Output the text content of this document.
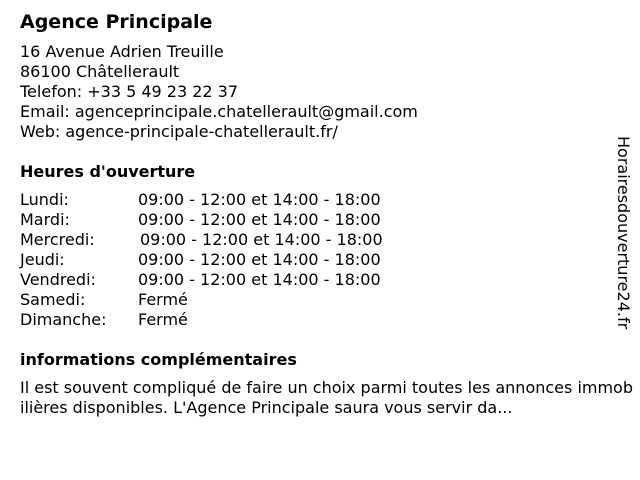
Agence Principale
16 Avenue Adrien Treuille
86100 Châtellerault
Telefon: +33 5 49 23 22 37
Email: agenceprincipale.chatellerault@gmail.com
Web: agence-principale-chatellerault.fr/
Heures d'ouverture
Lundi:	09:00 - 12:00 et 14:00 - 18:00
Mardi:	09:00 - 12:00 et 14:00 - 18:00
Mercredi:	09:00 - 12:00 et 14:00 - 18:00
Jeudi:	09:00 - 12:00 et 14:00 - 18:00
Vendredi:	09:00 - 12:00 et 14:00 - 18:00
Samedi:	Fermé
Dimanche:	Fermé
informations complémentaires
Il est souvent compliqué de faire un choix parmi toutes les annonces immobilières disponibles. L'Agence Principale saura vous servir da...
Horairesdouverture24.fr
